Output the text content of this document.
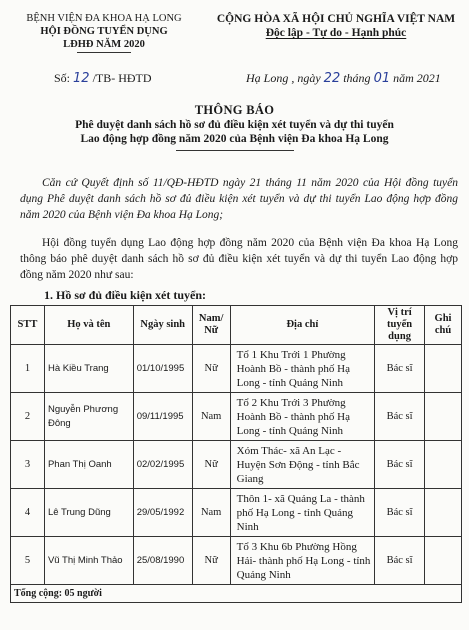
BỆNH VIỆN ĐA KHOA HẠ LONG
HỘI ĐỒNG TUYỂN DỤNG
LĐHĐ NĂM 2020
CỘNG HÒA XÃ HỘI CHỦ NGHĨA VIỆT NAM
Độc lập - Tự do - Hạnh phúc
Số: 12 /TB- HĐTD	Hạ Long , ngày 22 tháng 01 năm 2021
THÔNG BÁO
Phê duyệt danh sách hồ sơ đủ điều kiện xét tuyển và dự thi tuyển
Lao động hợp đồng năm 2020 của Bệnh viện Đa khoa Hạ Long
Căn cứ Quyết định số 11/QĐ-HĐTD ngày 21 tháng 11 năm 2020 của Hội đồng tuyển dụng Phê duyệt danh sách hồ sơ đủ điều kiện xét tuyển và dự thi tuyển Lao động hợp đồng năm 2020 của Bệnh viện Đa khoa Hạ Long;
Hội đồng tuyển dụng Lao động hợp đồng năm 2020 của Bệnh viện Đa khoa Hạ Long thông báo phê duyệt danh sách hồ sơ đủ điều kiện xét tuyển và dự thi tuyển Lao động hợp đồng năm 2020 như sau:
1. Hồ sơ đủ điều kiện xét tuyển:
STT	Họ và tên	Ngày sinh	Nam/ Nữ	Địa chỉ	Vị trí tuyển dụng	Ghi chú
1	Hà Kiều Trang	01/10/1995	Nữ	Tổ 1 Khu Trới 1 Phường Hoành Bồ - thành phố Hạ Long - tỉnh Quảng Ninh	Bác sĩ	
2	Nguyễn Phương Đông	09/11/1995	Nam	Tổ 2 Khu Trới 3 Phường Hoành Bồ - thành phố Hạ Long - tỉnh Quảng Ninh	Bác sĩ	
3	Phan Thị Oanh	02/02/1995	Nữ	Xóm Thác- xã An Lạc - Huyện Sơn Động - tỉnh Bắc Giang	Bác sĩ	
4	Lê Trung Dũng	29/05/1992	Nam	Thôn 1- xã Quảng La - thành phố Hạ Long - tỉnh Quảng Ninh	Bác sĩ	
5	Vũ Thị Minh Thảo	25/08/1990	Nữ	Tổ 3 Khu 6b Phường Hồng Hải- thành phố Hạ Long - tỉnh Quảng Ninh	Bác sĩ	
Tổng cộng: 05 người						
